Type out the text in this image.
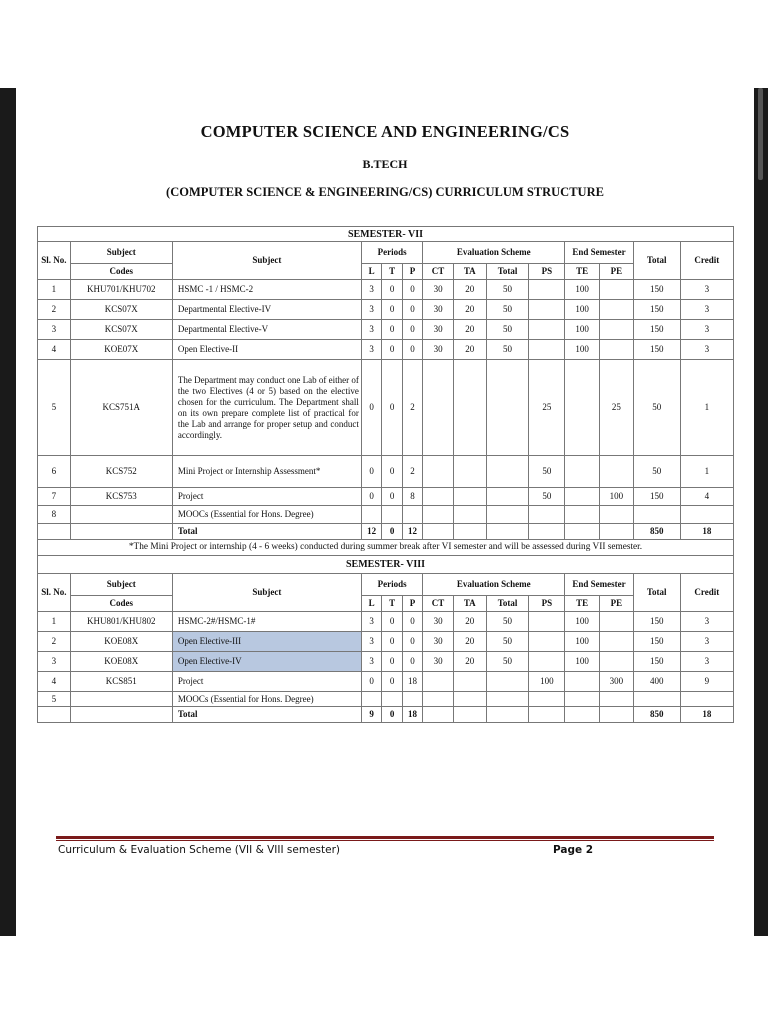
COMPUTER SCIENCE AND ENGINEERING/CS
B.TECH
(COMPUTER SCIENCE & ENGINEERING/CS) CURRICULUM STRUCTURE
SEMESTER- VII													
Sl. No.	Subject	Subject	Periods			Evaluation Scheme				End Semester		Total	Credit
	Codes		L	T	P	CT	TA	Total	PS	TE	PE		
1	KHU701/KHU702	HSMC -1 / HSMC-2	3	0	0	30	20	50		100		150	3
2	KCS07X	Departmental Elective-IV	3	0	0	30	20	50		100		150	3
3	KCS07X	Departmental Elective-V	3	0	0	30	20	50		100		150	3
4	KOE07X	Open Elective-II	3	0	0	30	20	50		100		150	3
5	KCS751A	The Department may conduct one Lab of either of the two Electives (4 or 5) based on the elective chosen for the curriculum. The Department shall on its own prepare complete list of practical for the Lab and arrange for proper setup and conduct accordingly.	0	0	2				25		25	50	1
6	KCS752	Mini Project or Internship Assessment*	0	0	2				50			50	1
7	KCS753	Project	0	0	8				50		100	150	4
8		MOOCs (Essential for Hons. Degree)											
		Total	12	0	12							850	18
*The Mini Project or internship (4 - 6 weeks) conducted during summer break after VI semester and will be assessed during VII semester.													
SEMESTER- VIII													
Sl. No.	Subject	Subject	Periods			Evaluation Scheme				End Semester		Total	Credit
	Codes		L	T	P	CT	TA	Total	PS	TE	PE		
1	KHU801/KHU802	HSMC-2#/HSMC-1#	3	0	0	30	20	50		100		150	3
2	KOE08X	Open Elective-III	3	0	0	30	20	50		100		150	3
3	KOE08X	Open Elective-IV	3	0	0	30	20	50		100		150	3
4	KCS851	Project	0	0	18				100		300	400	9
5		MOOCs (Essential for Hons. Degree)											
		Total	9	0	18							850	18
Curriculum & Evaluation Scheme (VII & VIII semester)	Page 2
